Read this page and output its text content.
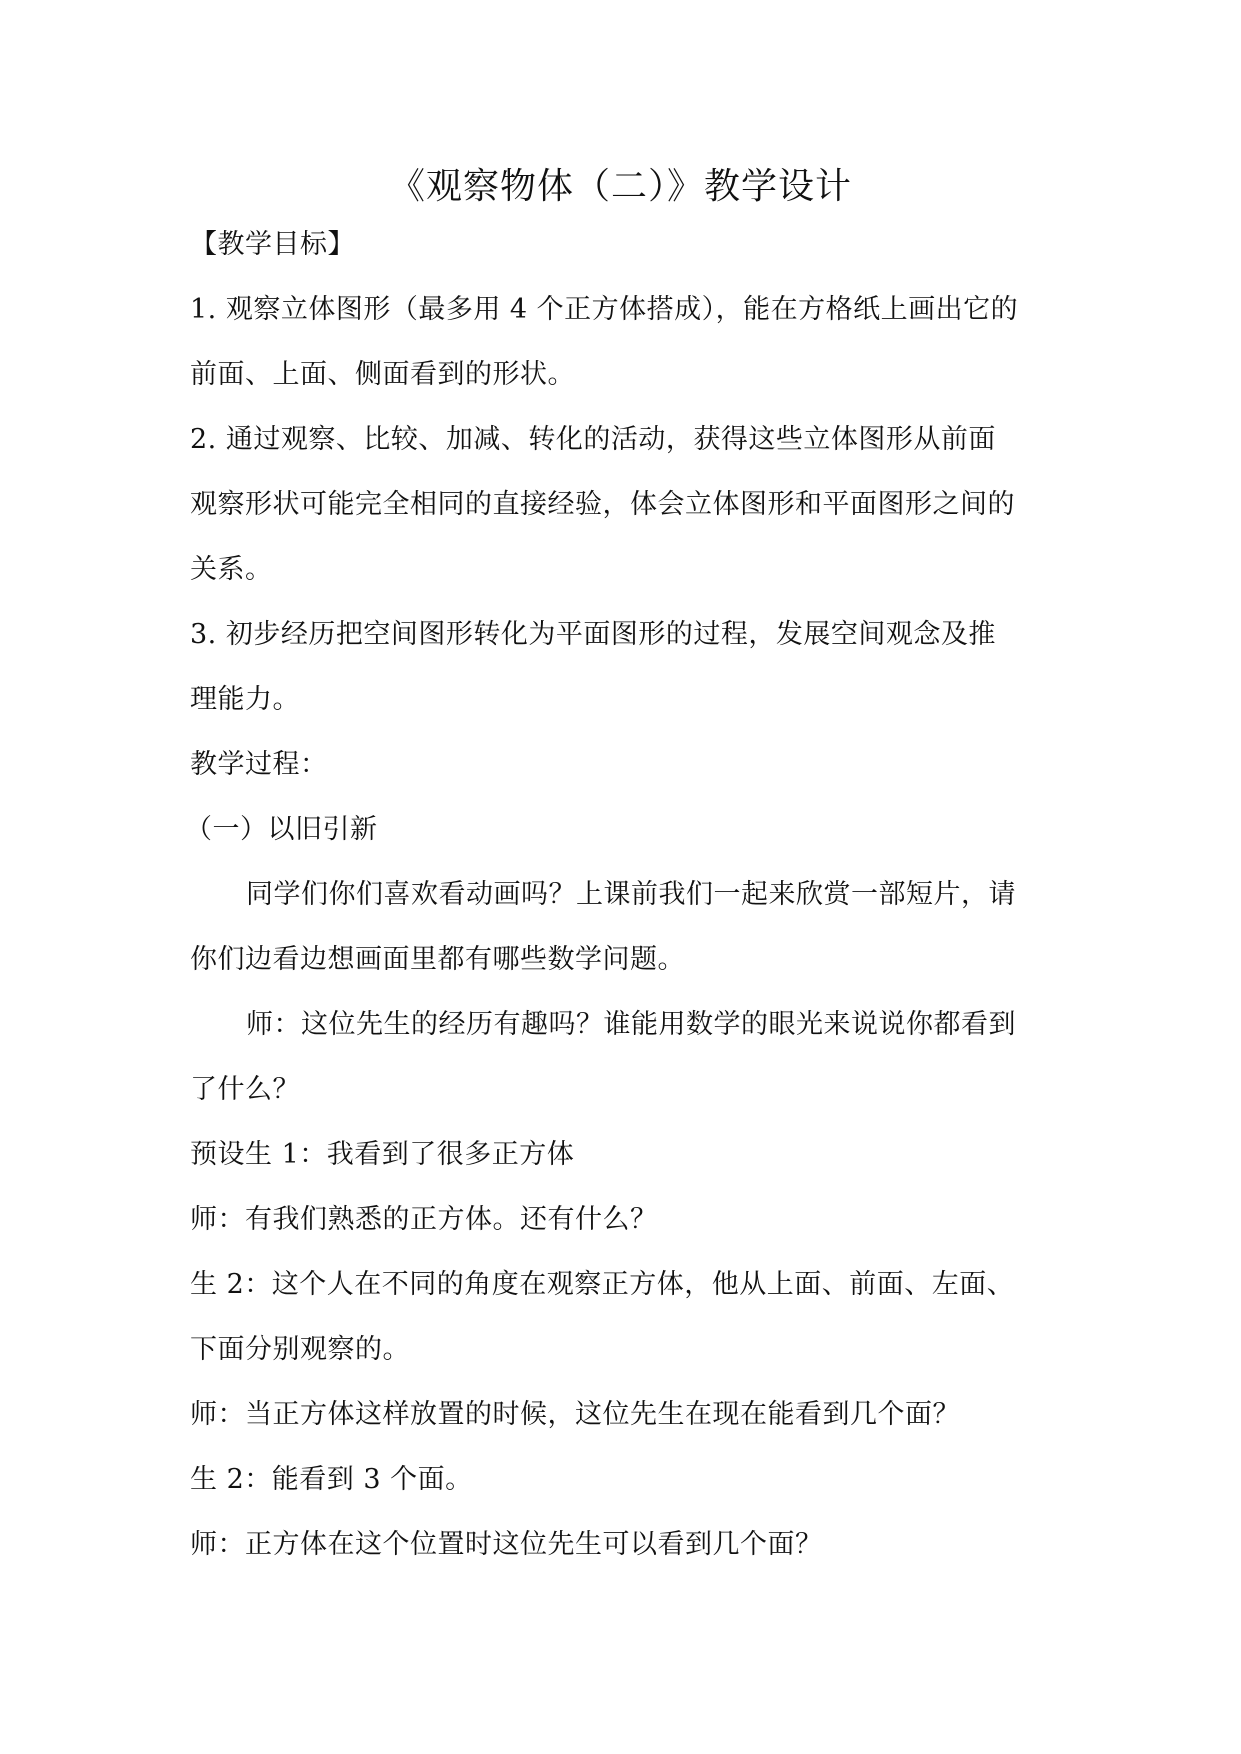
《观察物体（二）》教学设计
【教学目标】
1. 观察立体图形（最多用 4 个正方体搭成），能在方格纸上画出它的
前面、上面、侧面看到的形状。
2. 通过观察、比较、加减、转化的活动，获得这些立体图形从前面
观察形状可能完全相同的直接经验，体会立体图形和平面图形之间的
关系。
3. 初步经历把空间图形转化为平面图形的过程，发展空间观念及推
理能力。
教学过程：
（一）以旧引新
同学们你们喜欢看动画吗？上课前我们一起来欣赏一部短片，请
你们边看边想画面里都有哪些数学问题。
师：这位先生的经历有趣吗？谁能用数学的眼光来说说你都看到
了什么？
预设生 1：我看到了很多正方体
师：有我们熟悉的正方体。还有什么？
生 2：这个人在不同的角度在观察正方体，他从上面、前面、左面、
下面分别观察的。
师：当正方体这样放置的时候，这位先生在现在能看到几个面？
生 2：能看到 3 个面。
师：正方体在这个位置时这位先生可以看到几个面？
